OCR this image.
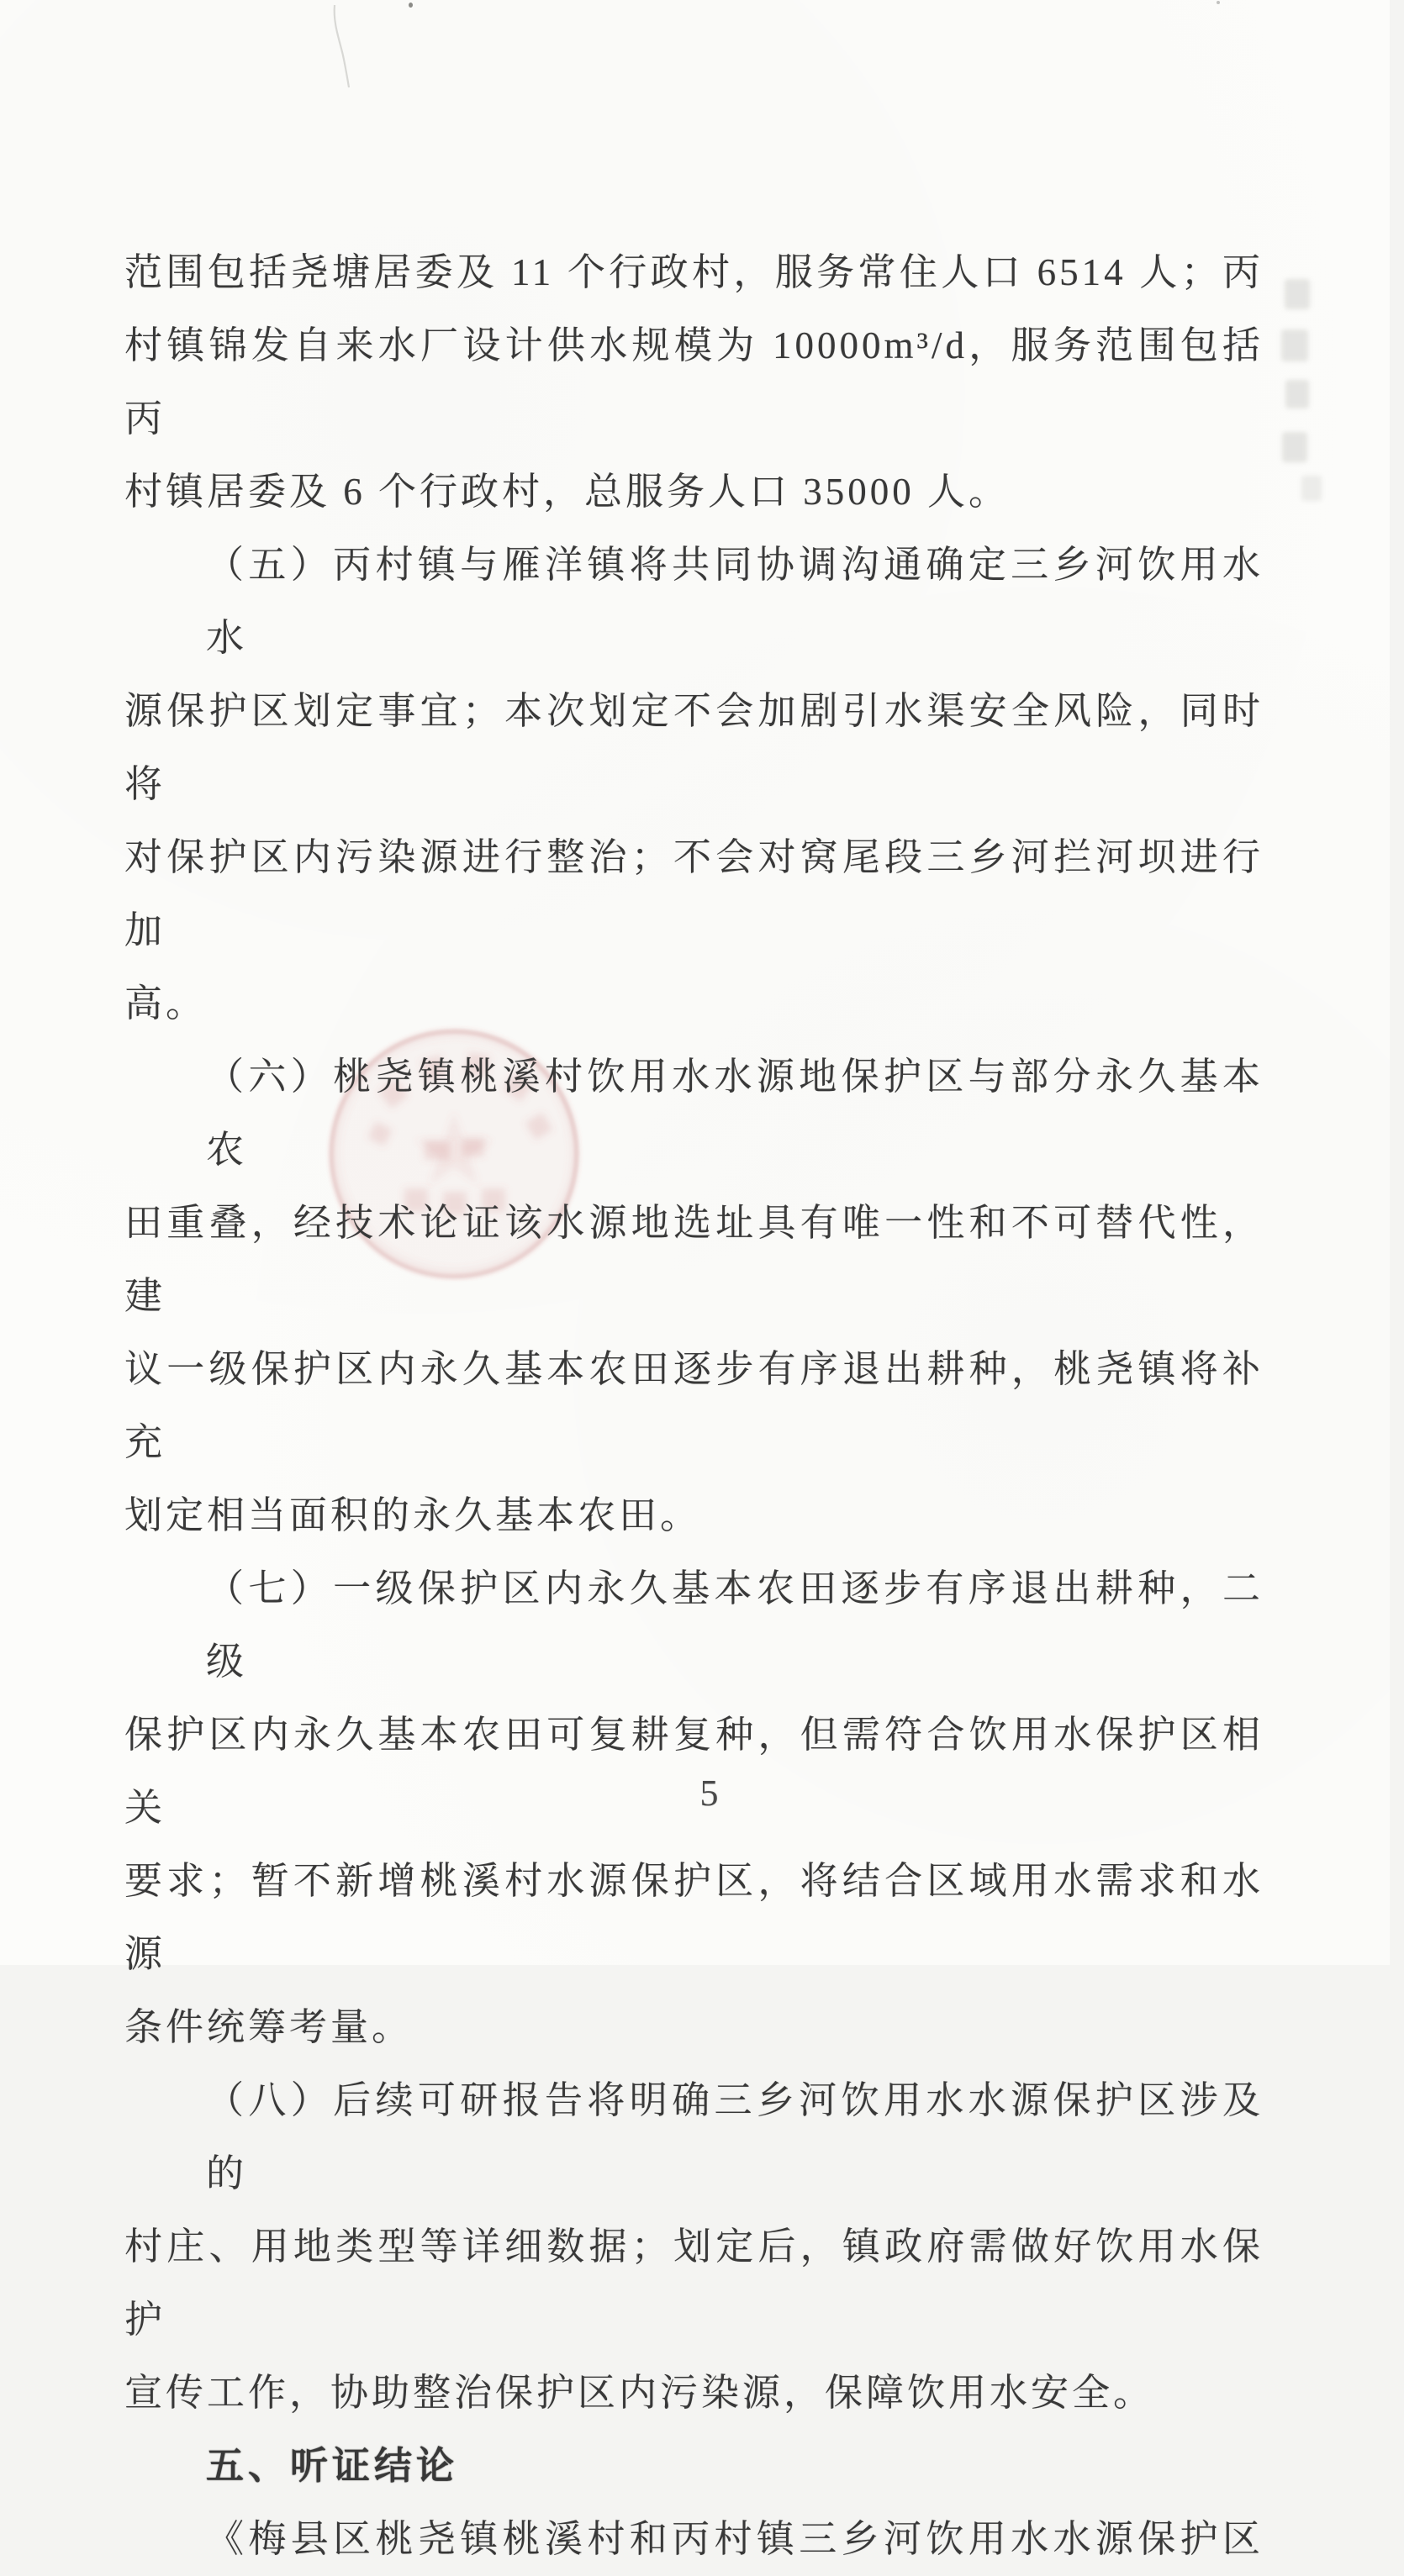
范围包括尧塘居委及 11 个行政村，服务常住人口 6514 人；丙
村镇锦发自来水厂设计供水规模为 10000m³/d，服务范围包括丙
村镇居委及 6 个行政村，总服务人口 35000 人。
（五）丙村镇与雁洋镇将共同协调沟通确定三乡河饮用水水
源保护区划定事宜；本次划定不会加剧引水渠安全风险，同时将
对保护区内污染源进行整治；不会对窝尾段三乡河拦河坝进行加
高。
（六）桃尧镇桃溪村饮用水水源地保护区与部分永久基本农
田重叠，经技术论证该水源地选址具有唯一性和不可替代性，建
议一级保护区内永久基本农田逐步有序退出耕种，桃尧镇将补充
划定相当面积的永久基本农田。
（七）一级保护区内永久基本农田逐步有序退出耕种，二级
保护区内永久基本农田可复耕复种，但需符合饮用水保护区相关
要求；暂不新增桃溪村水源保护区，将结合区域用水需求和水源
条件统筹考量。
（八）后续可研报告将明确三乡河饮用水水源保护区涉及的
村庄、用地类型等详细数据；划定后，镇政府需做好饮用水保护
宣传工作，协助整治保护区内污染源，保障饮用水安全。
五、听证结论
《梅县区桃尧镇桃溪村和丙村镇三乡河饮用水水源保护区
5
